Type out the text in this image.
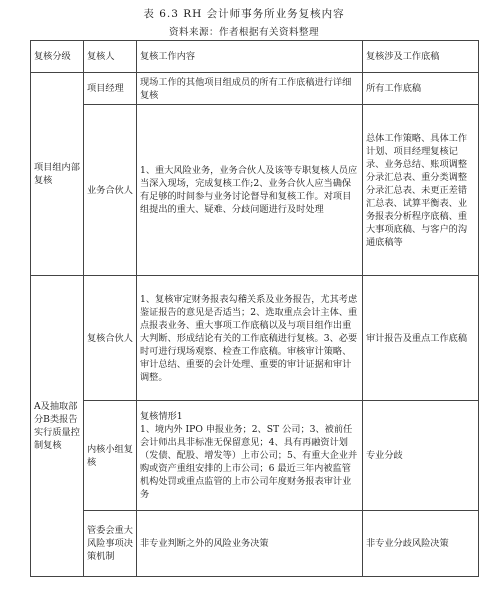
表 6.3 RH 会计师事务所业务复核内容
资料来源：作者根据有关资料整理
复核分级	复核人	复核工作内容	复核涉及工作底稿
项目组内部复核	项目经理	现场工作的其他项目组成员的所有工作底稿进行详细复核	所有工作底稿
	业务合伙人	1、重大风险业务，业务合伙人及该等专职复核人员应当深入现场，完成复核工作;2、业务合伙人应当确保有足够的时间参与业务讨论督导和复核工作。对项目组提出的重大、疑难、分歧问题进行及时处理	总体工作策略、具体工作计划、项目经理复核记录、业务总结、账项调整分录汇总表、重分类调整分录汇总表、未更正差错汇总表、试算平衡表、业务报表分析程序底稿、重大事项底稿、与客户的沟通底稿等
A及抽取部分B类报告实行质量控制复核	复核合伙人	1、复核审定财务报表勾稽关系及业务报告，尤其考虑鉴证报告的意见是否适当；2、选取重点会计主体、重点报表业务、重大事项工作底稿以及与项目组作出重大判断、形成结论有关的工作底稿进行复核。3、必要时可进行现场观察、检查工作底稿。审核审计策略、审计总结、重要的会计处理、重要的审计证据和审计调整。	审计报告及重点工作底稿
	内核小组复核	复核情形1
1、境内外 IPO 申报业务；2、ST 公司；3、被前任会计师出具非标准无保留意见；4、具有再融资计划（发债、配股、增发等）上市公司；5、有重大企业并购或资产重组安排的上市公司；6 最近三年内被监管机构处罚或重点监管的上市公司年度财务报表审计业务	专业分歧
	管委会重大风险事项决策机制	非专业判断之外的风险业务决策	非专业分歧风险决策
